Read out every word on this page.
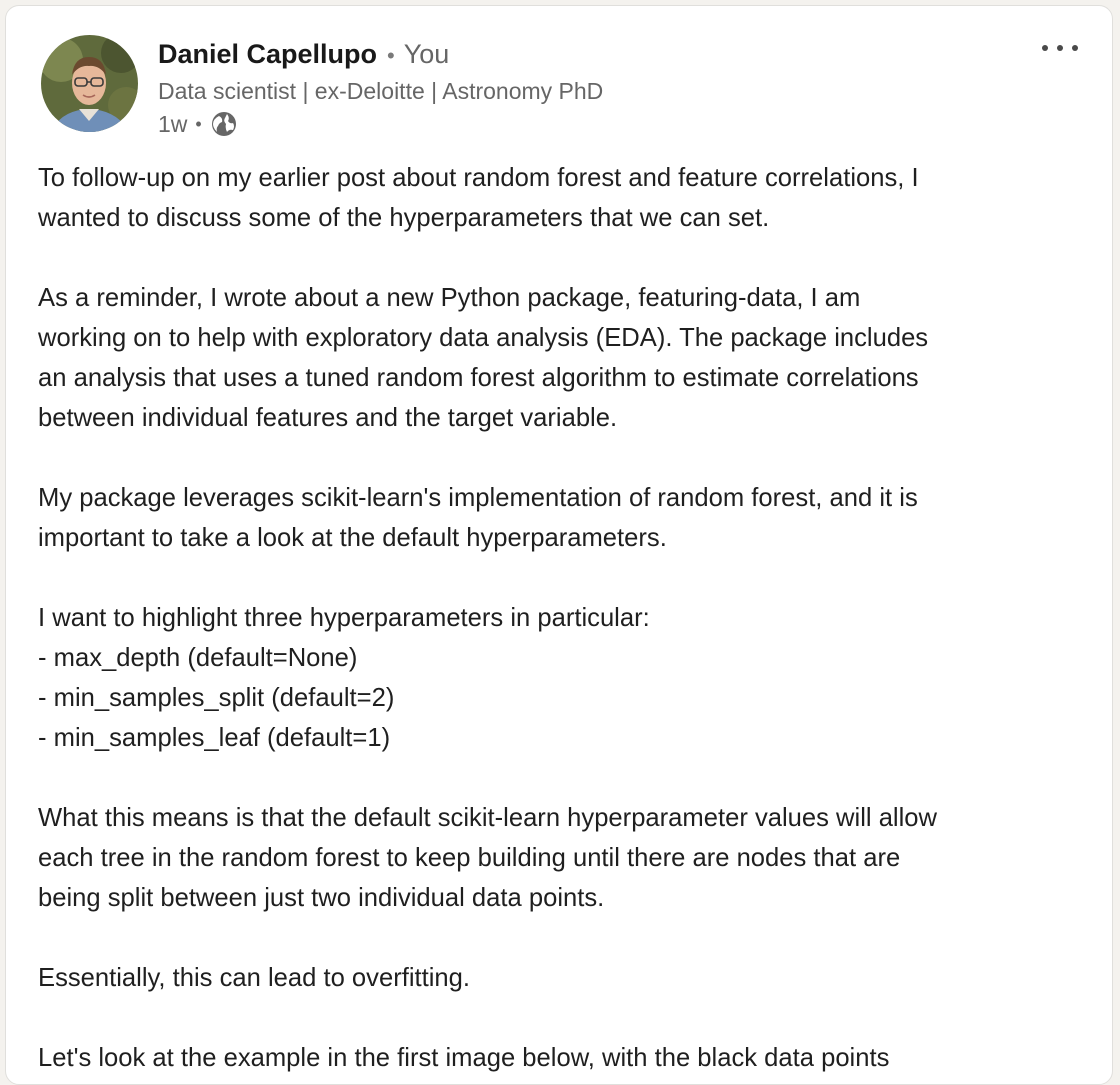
Daniel Capellupo • You
Data scientist | ex-Deloitte | Astronomy PhD
1w •

To follow-up on my earlier post about random forest and feature correlations, I
wanted to discuss some of the hyperparameters that we can set.

As a reminder, I wrote about a new Python package, featuring-data, I am
working on to help with exploratory data analysis (EDA). The package includes
an analysis that uses a tuned random forest algorithm to estimate correlations
between individual features and the target variable.

My package leverages scikit-learn's implementation of random forest, and it is
important to take a look at the default hyperparameters.

I want to highlight three hyperparameters in particular:
- max_depth (default=None)
- min_samples_split (default=2)
- min_samples_leaf (default=1)

What this means is that the default scikit-learn hyperparameter values will allow
each tree in the random forest to keep building until there are nodes that are
being split between just two individual data points.

Essentially, this can lead to overfitting.

Let's look at the example in the first image below, with the black data points
